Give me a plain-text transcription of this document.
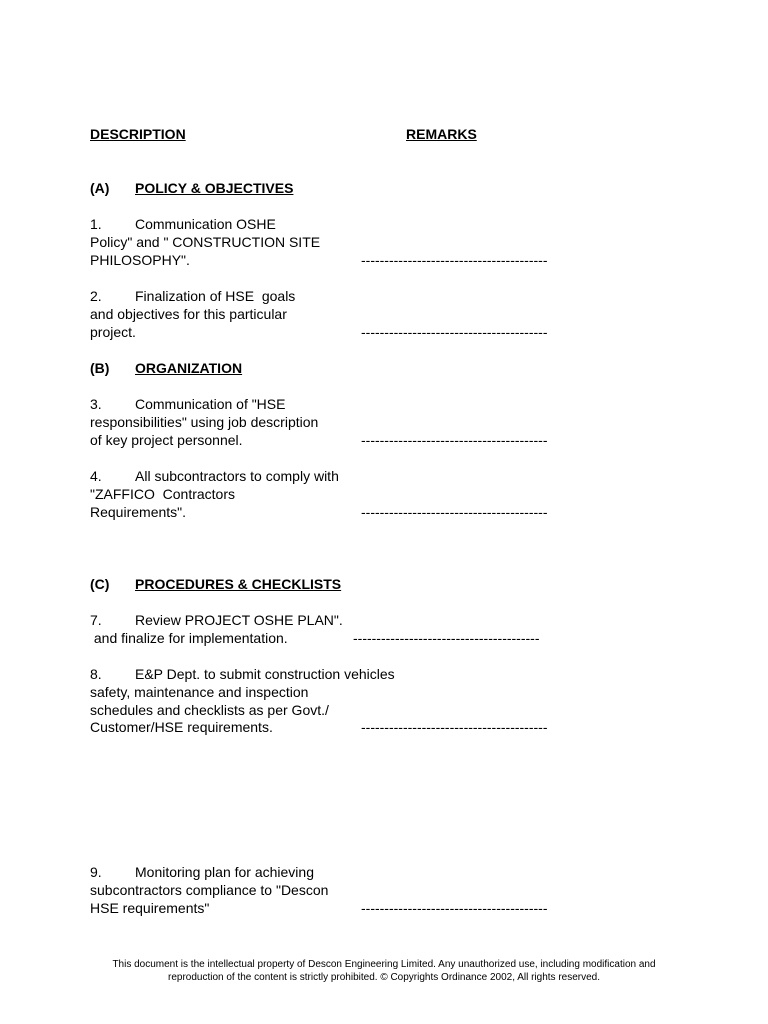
DESCRIPTION	REMARKS
(A) POLICY & OBJECTIVES
1. Communication OSHE
Policy" and " CONSTRUCTION SITE
PHILOSOPHY".	----------------------------------------
2. Finalization of HSE  goals
and objectives for this particular
project.	----------------------------------------
(B) ORGANIZATION
3. Communication of "HSE
responsibilities" using job description
of key project personnel.	----------------------------------------
4. All subcontractors to comply with
"ZAFFICO  Contractors
Requirements".	----------------------------------------
(C) PROCEDURES & CHECKLISTS
7. Review PROJECT OSHE PLAN".
and finalize for implementation.	----------------------------------------
8. E&P Dept. to submit construction vehicles
safety, maintenance and inspection
schedules and checklists as per Govt./
Customer/HSE requirements.	----------------------------------------
9. Monitoring plan for achieving
subcontractors compliance to "Descon
HSE requirements"	----------------------------------------
This document is the intellectual property of Descon Engineering Limited. Any unauthorized use, including modification and
reproduction of the content is strictly prohibited. © Copyrights Ordinance 2002, All rights reserved.
